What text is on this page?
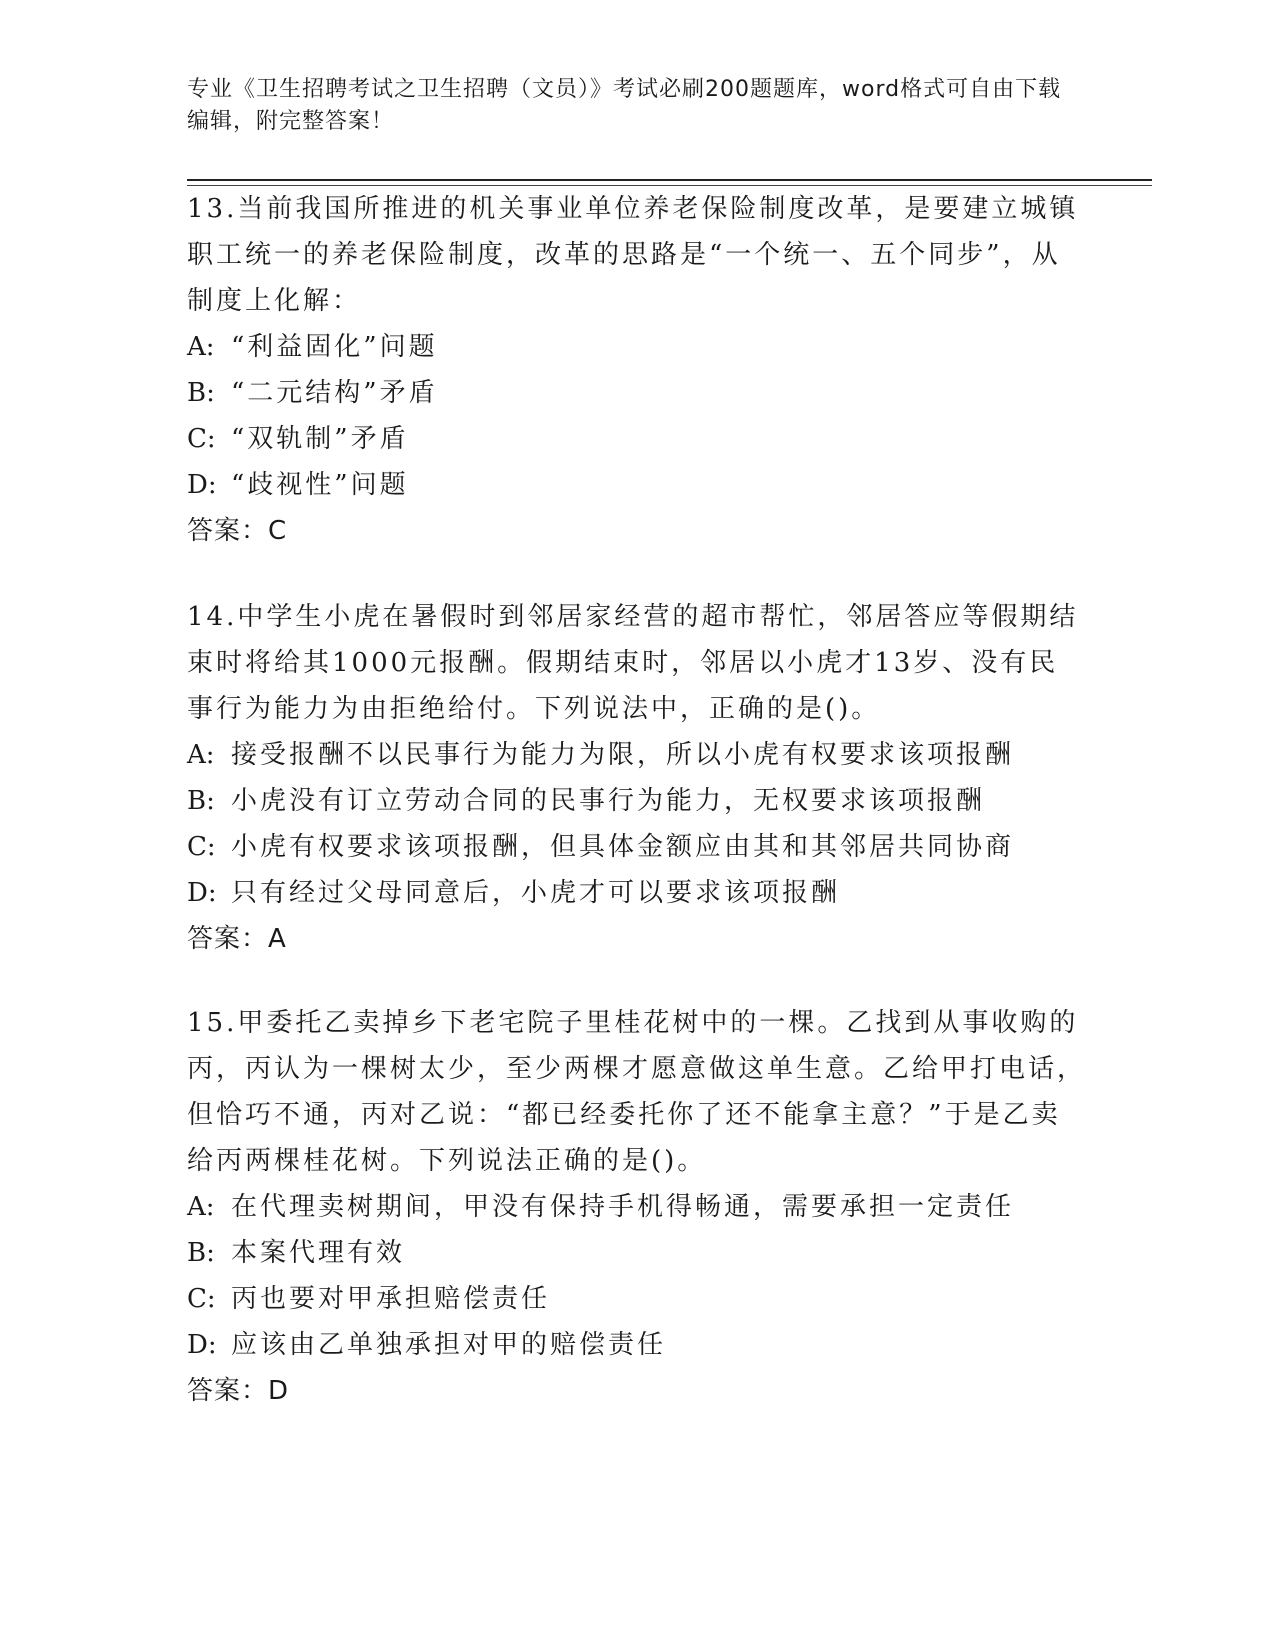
专业《卫生招聘考试之卫生招聘（文员）》考试必刷200题题库，word格式可自由下载编辑，附完整答案！

13.当前我国所推进的机关事业单位养老保险制度改革，是要建立城镇职工统一的养老保险制度，改革的思路是“一个统一、五个同步”，从制度上化解：

A: “利益固化”问题

B: “二元结构”矛盾

C: “双轨制”矛盾

D: “歧视性”问题

答案：C

14.中学生小虎在暑假时到邻居家经营的超市帮忙，邻居答应等假期结束时将给其1000元报酬。假期结束时，邻居以小虎才13岁、没有民事行为能力为由拒绝给付。下列说法中，正确的是()。

A: 接受报酬不以民事行为能力为限，所以小虎有权要求该项报酬

B: 小虎没有订立劳动合同的民事行为能力，无权要求该项报酬

C: 小虎有权要求该项报酬，但具体金额应由其和其邻居共同协商

D: 只有经过父母同意后，小虎才可以要求该项报酬

答案：A

15.甲委托乙卖掉乡下老宅院子里桂花树中的一棵。乙找到从事收购的丙，丙认为一棵树太少，至少两棵才愿意做这单生意。乙给甲打电话，但恰巧不通，丙对乙说：“都已经委托你了还不能拿主意？”于是乙卖给丙两棵桂花树。下列说法正确的是()。

A: 在代理卖树期间，甲没有保持手机得畅通，需要承担一定责任

B: 本案代理有效

C: 丙也要对甲承担赔偿责任

D: 应该由乙单独承担对甲的赔偿责任

答案：D
